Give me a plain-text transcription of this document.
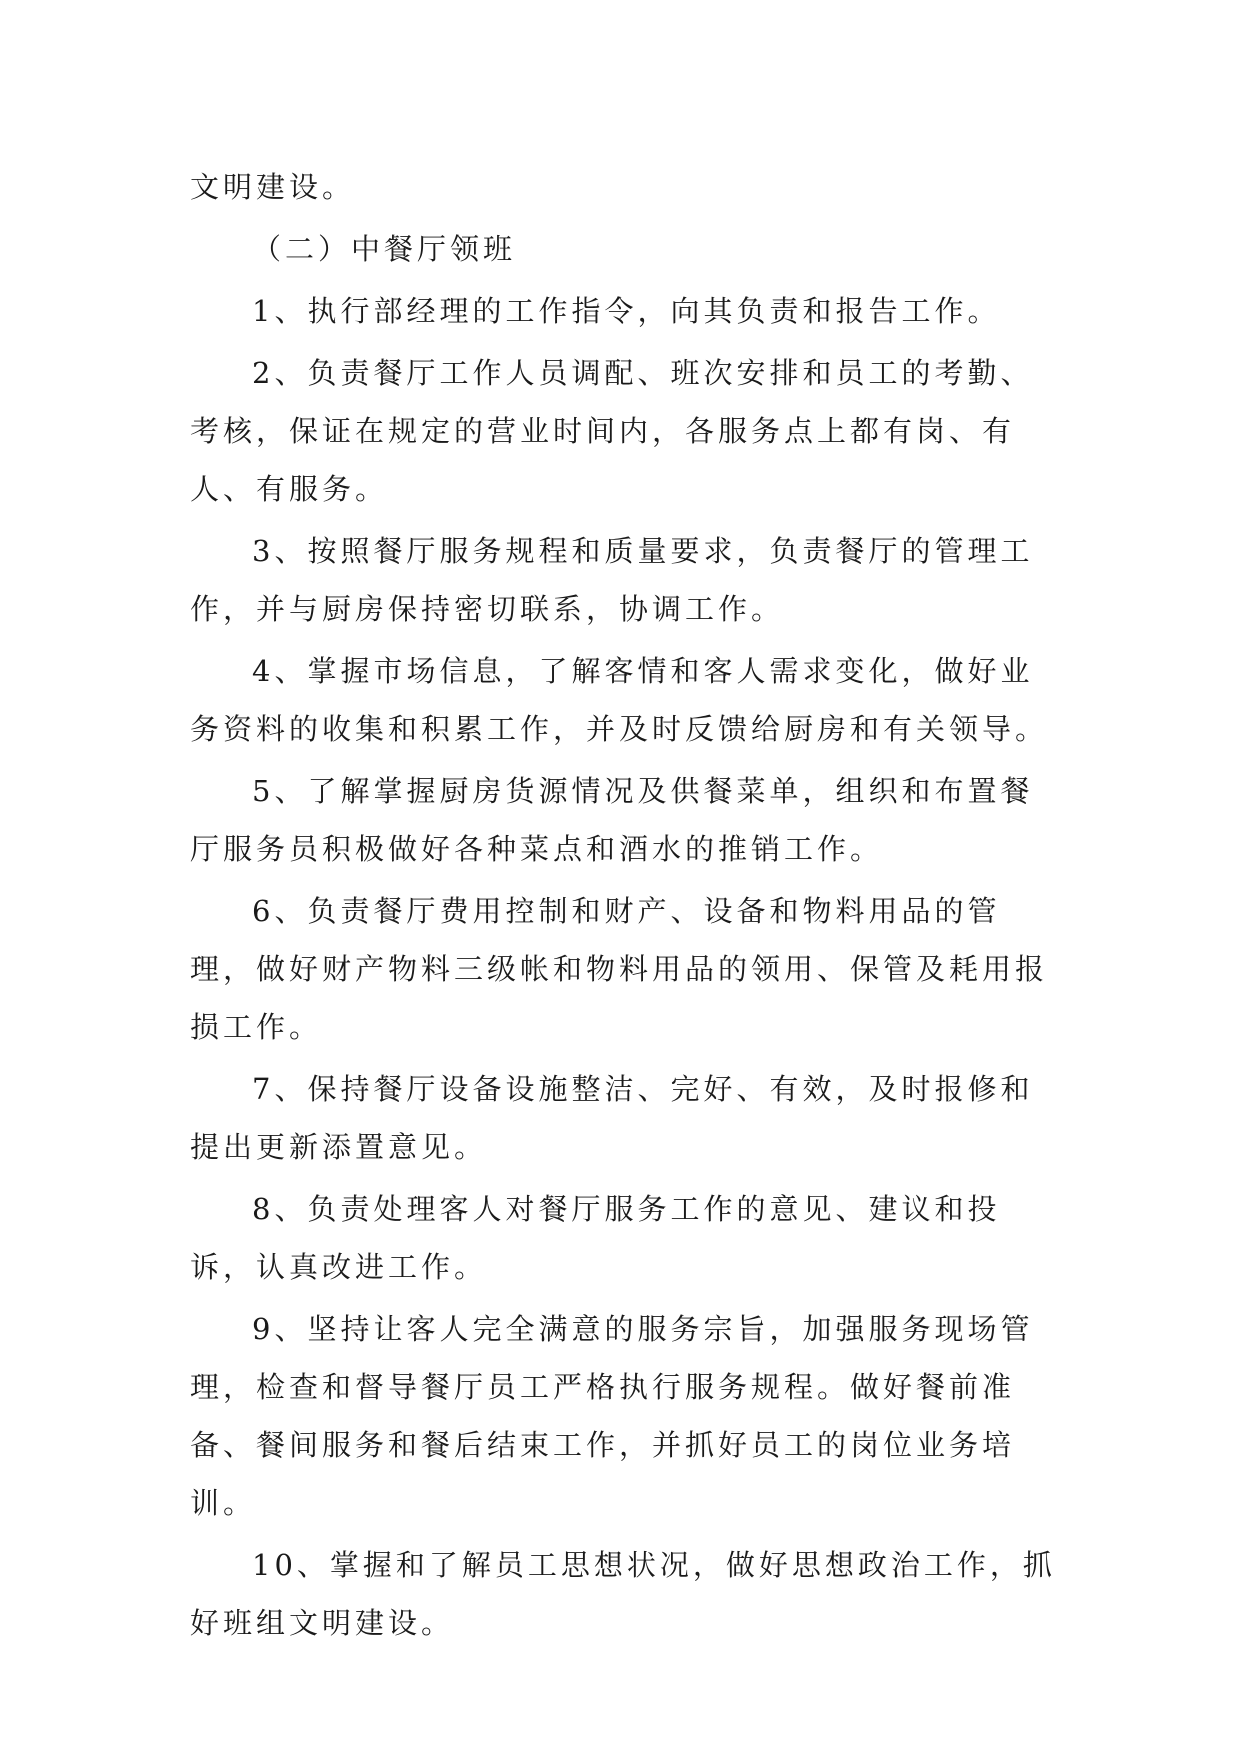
文明建设。

（二）中餐厅领班

1、执行部经理的工作指令，向其负责和报告工作。

2、负责餐厅工作人员调配、班次安排和员工的考勤、考核，保证在规定的营业时间内，各服务点上都有岗、有人、有服务。

3、按照餐厅服务规程和质量要求，负责餐厅的管理工作，并与厨房保持密切联系，协调工作。

4、掌握市场信息，了解客情和客人需求变化，做好业务资料的收集和积累工作，并及时反馈给厨房和有关领导。

5、了解掌握厨房货源情况及供餐菜单，组织和布置餐厅服务员积极做好各种菜点和酒水的推销工作。

6、负责餐厅费用控制和财产、设备和物料用品的管理，做好财产物料三级帐和物料用品的领用、保管及耗用报损工作。

7、保持餐厅设备设施整洁、完好、有效，及时报修和提出更新添置意见。

8、负责处理客人对餐厅服务工作的意见、建议和投诉，认真改进工作。

9、坚持让客人完全满意的服务宗旨，加强服务现场管理，检查和督导餐厅员工严格执行服务规程。做好餐前准备、餐间服务和餐后结束工作，并抓好员工的岗位业务培训。

10、掌握和了解员工思想状况，做好思想政治工作，抓好班组文明建设。
